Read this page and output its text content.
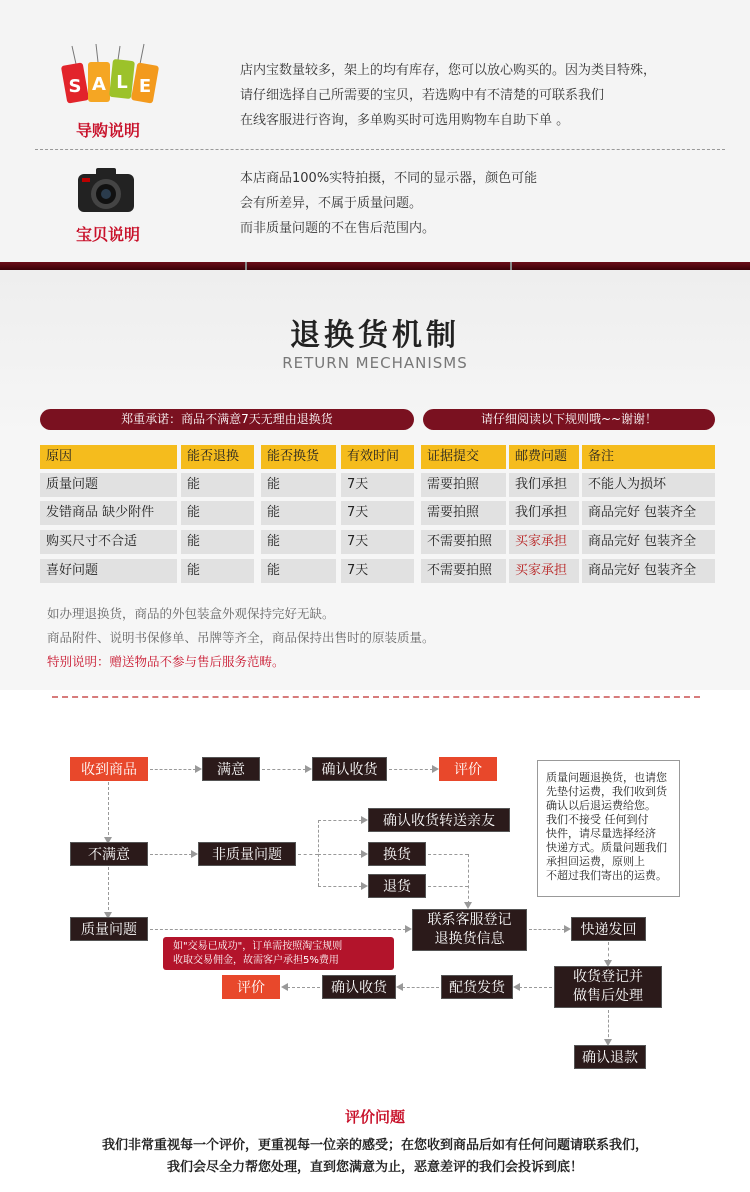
S A L E
导购说明
店内宝数量较多，架上的均有库存，您可以放心购买的。因为类目特殊，
请仔细选择自己所需要的宝贝，若选购中有不清楚的可联系我们
在线客服进行咨询，多单购买时可选用购物车自助下单 。
宝贝说明
本店商品100%实特拍摄，不同的显示器，颜色可能
会有所差异，不属于质量问题。
而非质量问题的不在售后范围内。
退换货机制
RETURN MECHANISMS
郑重承诺：商品不满意7天无理由退换货	请仔细阅读以下规则哦~~谢谢！
原因	能否退换	能否换货	有效时间	证据提交	邮费问题	备注
质量问题	能	能	7天	需要拍照	我们承担	不能人为损坏
发错商品 缺少附件	能	能	7天	需要拍照	我们承担	商品完好 包装齐全
购买尺寸不合适	能	能	7天	不需要拍照	买家承担	商品完好 包装齐全
喜好问题	能	能	7天	不需要拍照	买家承担	商品完好 包装齐全
如办理退换货，商品的外包装盒外观保持完好无缺。
商品附件、说明书保修单、吊牌等齐全，商品保持出售时的原装质量。
特别说明：赠送物品不参与售后服务范畴。
收到商品	满意	确认收货	评价	质量问题退换货，也请您
先垫付运费，我们收到货
确认以后退运费给您。
我们不接受 任何到付
快件，请尽量选择经济
快递方式。质量问题我们
承担回运费，原则上
不超过我们寄出的运费。
不满意	非质量问题
确认收货转送亲友
换货
退货
质量问题
联系客服登记
退换货信息
快递发回
如"交易已成功"，订单需按照淘宝规则
收取交易佣金，故需客户承担5%费用
收货登记并
做售后处理
配货发货
确认收货
评价
确认退款
评价问题
我们非常重视每一个评价，更重视每一位亲的感受；在您收到商品后如有任何问题请联系我们，
我们会尽全力帮您处理，直到您满意为止，恶意差评的我们会投诉到底！
